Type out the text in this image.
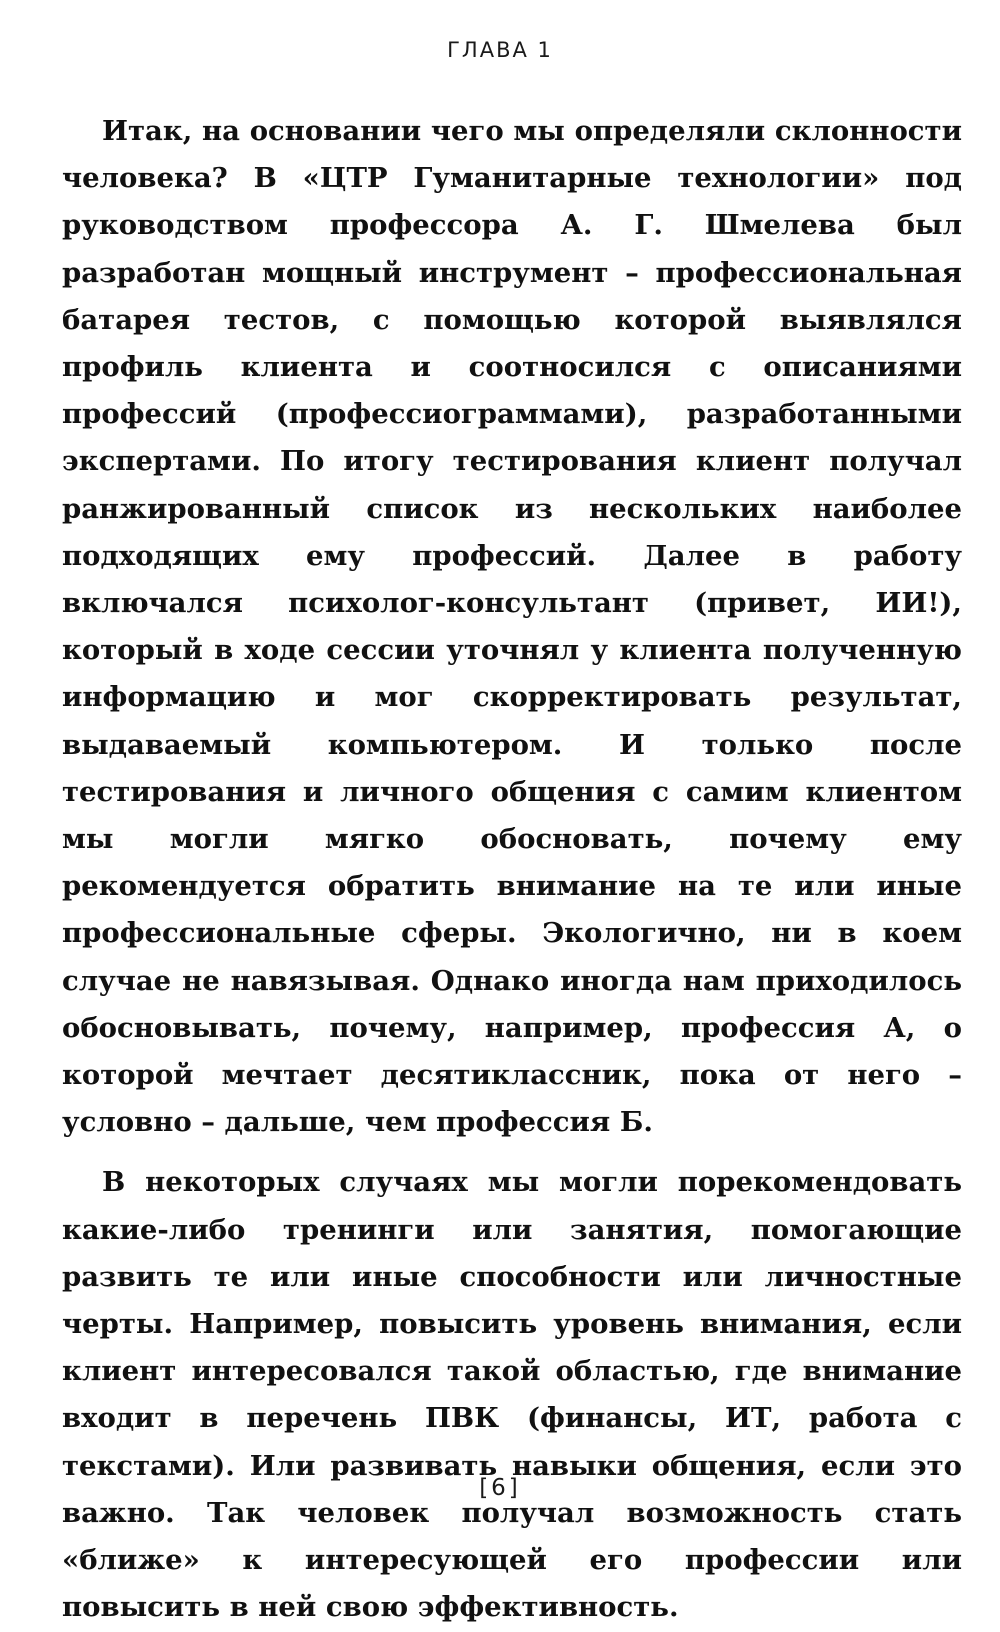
ГЛАВА 1

Итак, на основании чего мы определяли склонности человека? В «ЦТР Гуманитарные технологии» под руководством профессора А. Г. Шмелева был разработан мощный инструмент – профессиональная батарея тестов, с помощью которой выявлялся профиль клиента и соотносился с описаниями профессий (профессиограммами), разработанными экспертами. По итогу тестирования клиент получал ранжированный список из нескольких наиболее подходящих ему профессий. Далее в работу включался психолог-консультант (привет, ИИ!), который в ходе сессии уточнял у клиента полученную информацию и мог скорректировать результат, выдаваемый компьютером. И только после тестирования и личного общения с самим клиентом мы могли мягко обосновать, почему ему рекомендуется обратить внимание на те или иные профессиональные сферы. Экологично, ни в коем случае не навязывая. Однако иногда нам приходилось обосновывать, почему, например, профессия А, о которой мечтает десятиклассник, пока от него – условно – дальше, чем профессия Б.

В некоторых случаях мы могли порекомендовать какие-либо тренинги или занятия, помогающие развить те или иные способности или личностные черты. Например, повысить уровень внимания, если клиент интересовался такой областью, где внимание входит в перечень ПВК (финансы, ИТ, работа с текстами). Или развивать навыки общения, если это важно. Так человек получал возможность стать «ближе» к интересующей его профессии или повысить в ней свою эффективность.

[6]
